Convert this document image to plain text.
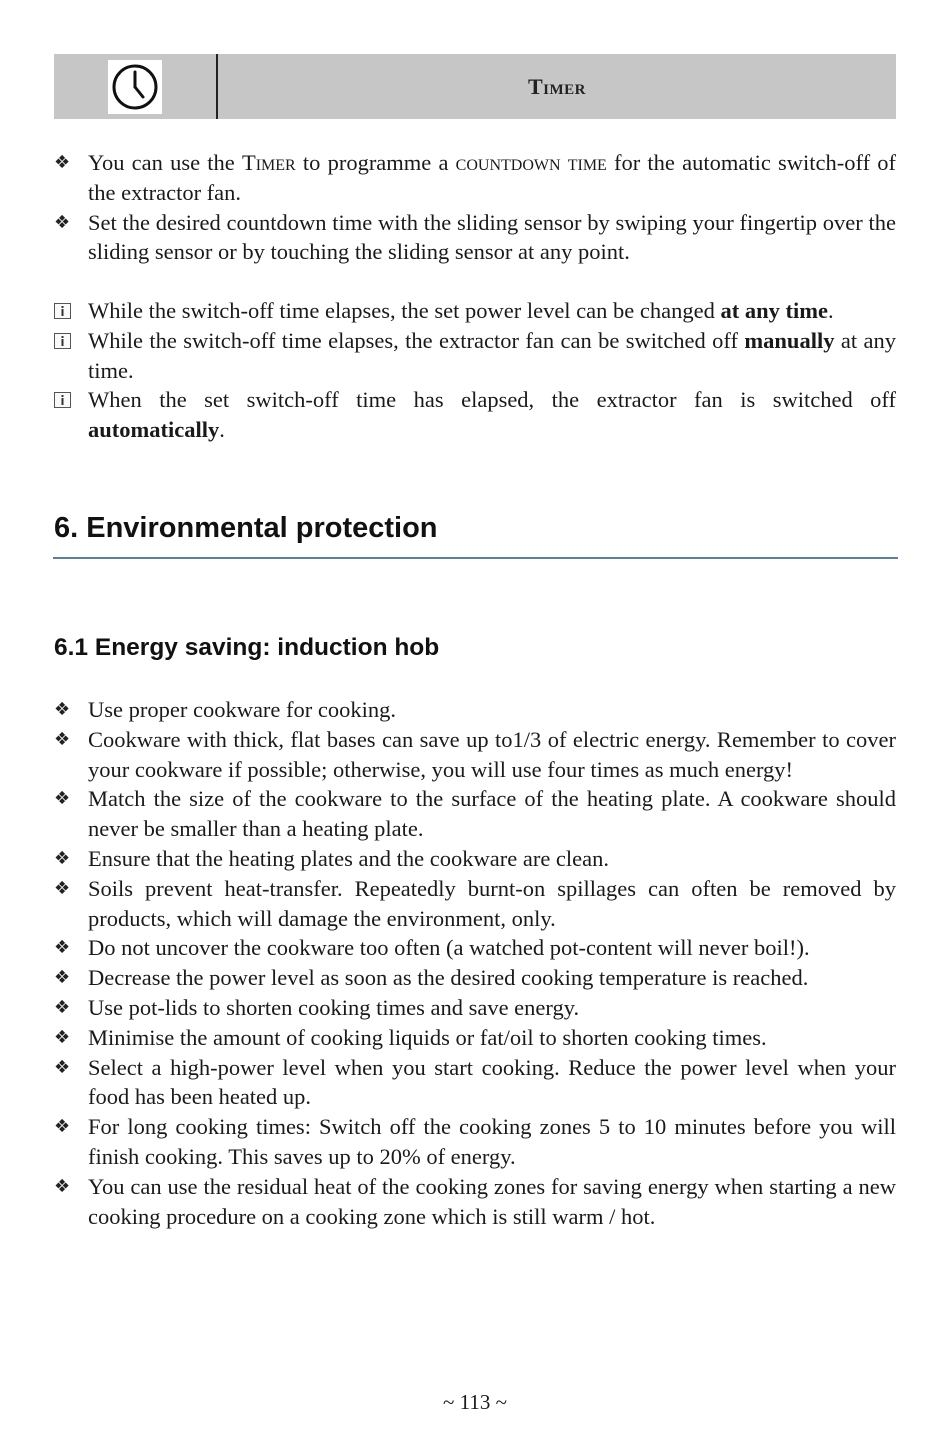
Timer
❖ You can use the Timer to programme a countdown time for the automatic switch-off of the extractor fan.
❖ Set the desired countdown time with the sliding sensor by swiping your fingertip over the sliding sensor or by touching the sliding sensor at any point.
While the switch-off time elapses, the set power level can be changed at any time.
While the switch-off time elapses, the extractor fan can be switched off manually at any time.
When the set switch-off time has elapsed, the extractor fan is switched off automatically.
6. Environmental protection
6.1 Energy saving: induction hob
❖ Use proper cookware for cooking.
❖ Cookware with thick, flat bases can save up to1/3 of electric energy. Remember to cover your cookware if possible; otherwise, you will use four times as much energy!
❖ Match the size of the cookware to the surface of the heating plate. A cookware should never be smaller than a heating plate.
❖ Ensure that the heating plates and the cookware are clean.
❖ Soils prevent heat-transfer. Repeatedly burnt-on spillages can often be removed by products, which will damage the environment, only.
❖ Do not uncover the cookware too often (a watched pot-content will never boil!).
❖ Decrease the power level as soon as the desired cooking temperature is reached.
❖ Use pot-lids to shorten cooking times and save energy.
❖ Minimise the amount of cooking liquids or fat/oil to shorten cooking times.
❖ Select a high-power level when you start cooking. Reduce the power level when your food has been heated up.
❖ For long cooking times: Switch off the cooking zones 5 to 10 minutes before you will finish cooking. This saves up to 20% of energy.
❖ You can use the residual heat of the cooking zones for saving energy when starting a new cooking procedure on a cooking zone which is still warm / hot.
~ 113 ~
